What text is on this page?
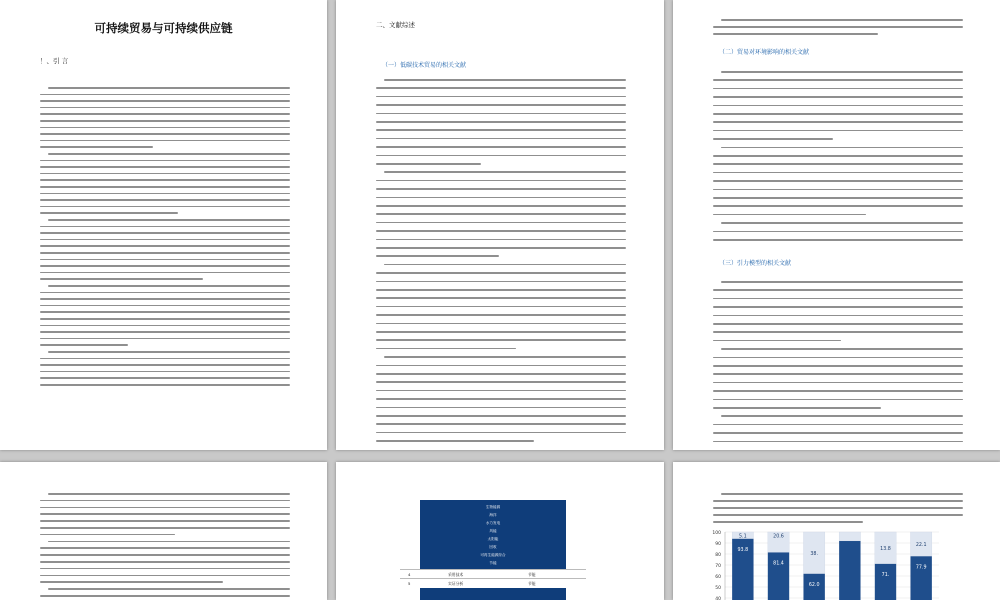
可持续贸易与可持续供应链
！、引 言
二、文献综述
（一）低碳技术贸易的相关文献
（二）贸易对环境影响的相关文献
（三）引力模型的相关文献
生物能源
海洋
水力发电
风能
太阳能
回收
可再生能源综合
节能
4	采用技术	节能
5	实证分析	节能
100
90
80
70
60
50
40
93.8
5.1
81.4
62.0
38.
71.
13.8
77.9
22.1
20.6
